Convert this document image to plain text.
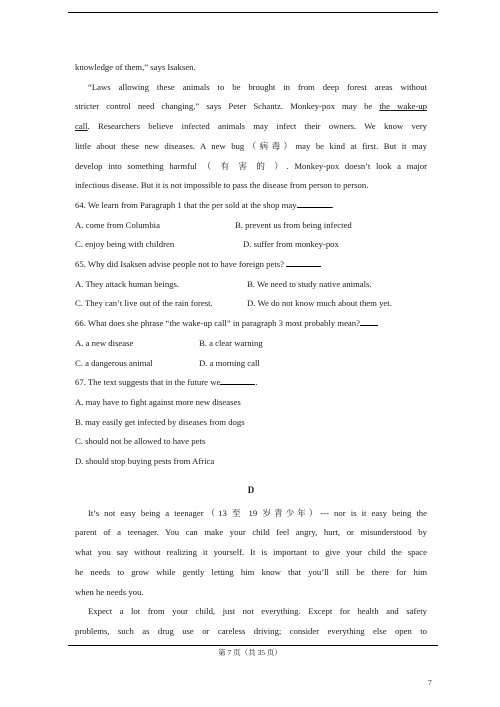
knowledge of them,” says Isaksen.
“Laws allowing these animals to be brought in from deep forest areas without
stricter control need changing,” says Peter Schantz. Monkey-pox may be the wake-up
call. Researchers believe infected animals may infect their owners. We know very
little about these new diseases. A new bug（病毒）may be kind at first. But it may
develop into something harmful （ 有 害 的 ）. Monkey-pox doesn’t look a major
infectious disease. But it is not impossible to pass the disease from person to person.
64. We learn from Paragraph 1 that the per sold at the shop may	.
A. come from Columbia	B. prevent us from being infected
C. enjoy being with children	D. suffer from monkey-pox
65. Why did Isaksen advise people not to have foreign pets?
A. They attack human beings.	B. We need to study native animals.
C. They can’t live out of the rain forest.	D. We do not know much about them yet.
66. What does she phrase “the wake-up call” in paragraph 3 most probably mean?
A. a new disease	B. a clear warning
C. a dangerous animal	D. a morning call
67. The text suggests that in the future we	.
A. may have to fight against more new diseases
B. may easily get infected by diseases from dogs
C. should not be allowed to have pets
D. should stop buying pests from Africa
D
It’s not easy being a teenager（13 至 19 岁青少年）--- nor is it easy being the
parent of a teenager. You can make your child feel angry, hurt, or misunderstood by
what you say without realizing it yourself. It is important to give your child the space
he needs to grow while gently letting him know that you’ll still be there for him
when he needs you.
Expect a lot from your child, just not everything. Except for health and safety
problems, such as drug use or careless driving; consider everything else open to
第 7 页（共 35 页）
7
